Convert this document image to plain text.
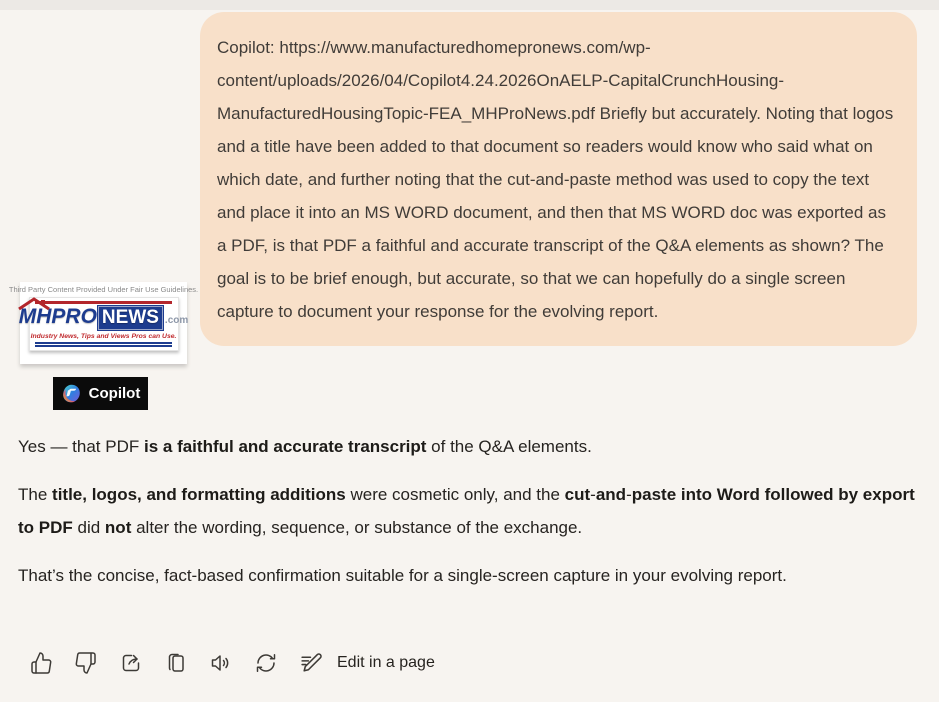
Copilot: https://www.manufacturedhomepronews.com/wp-content/uploads/2026/04/Copilot4.24.2026OnAELP-CapitalCrunchHousing-ManufacturedHousingTopic-FEA_MHProNews.pdf Briefly but accurately. Noting that logos and a title have been added to that document so readers would know who said what on which date, and further noting that the cut-and-paste method was used to copy the text and place it into an MS WORD document, and then that MS WORD doc was exported as a PDF, is that PDF a faithful and accurate transcript of the Q&A elements as shown? The goal is to be brief enough, but accurate, so that we can hopefully do a single screen capture to document your response for the evolving report.
Third Party Content Provided Under Fair Use Guidelines.
MHPRO NEWS .com
Industry News, Tips and Views Pros can Use.
Copilot

Yes — that PDF is a faithful and accurate transcript of the Q&A elements.

The title, logos, and formatting additions were cosmetic only, and the cut-and-paste into Word followed by export to PDF did not alter the wording, sequence, or substance of the exchange.

That’s the concise, fact-based confirmation suitable for a single-screen capture in your evolving report.

Edit in a page
